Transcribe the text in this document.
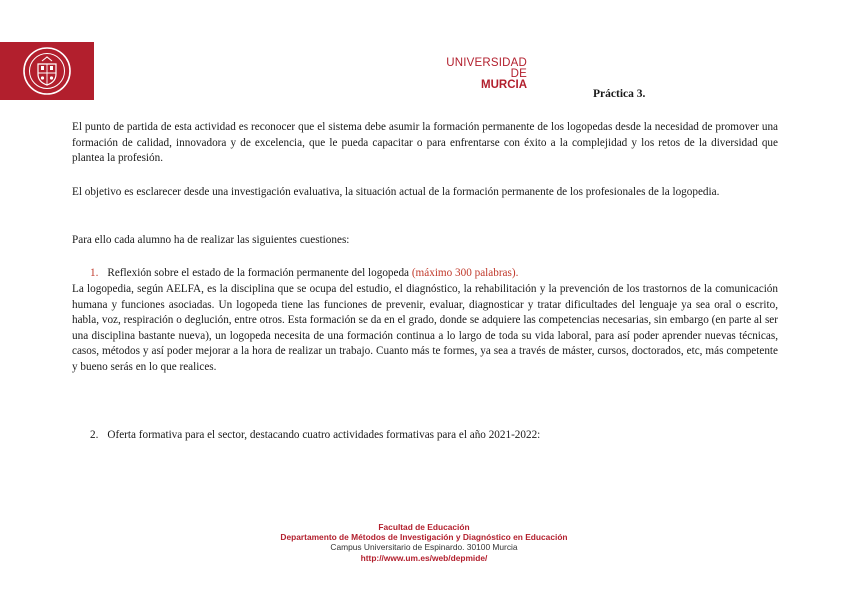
UNIVERSIDAD DE
MURCIA
Práctica 3.
El punto de partida de esta actividad es reconocer que el sistema debe asumir la formación permanente de los logopedas desde la necesidad de promover una formación de calidad, innovadora y de excelencia, que le pueda capacitar o para enfrentarse con éxito a la complejidad y los retos de la diversidad que plantea la profesión.
El objetivo es esclarecer desde una investigación evaluativa, la situación actual de la formación permanente de los profesionales de la logopedia.
Para ello cada alumno ha de realizar las siguientes cuestiones:
1. Reflexión sobre el estado de la formación permanente del logopeda (máximo 300 palabras).
La logopedia, según AELFA, es la disciplina que se ocupa del estudio, el diagnóstico, la rehabilitación y la prevención de los trastornos de la comunicación humana y funciones asociadas. Un logopeda tiene las funciones de prevenir, evaluar, diagnosticar y tratar dificultades del lenguaje ya sea oral o escrito, habla, voz, respiración o deglución, entre otros. Esta formación se da en el grado, donde se adquiere las competencias necesarias, sin embargo (en parte al ser una disciplina bastante nueva), un logopeda necesita de una formación continua a lo largo de toda su vida laboral, para así poder aprender nuevas técnicas, casos, métodos y así poder mejorar a la hora de realizar un trabajo. Cuanto más te formes, ya sea a través de máster, cursos, doctorados, etc, más competente y bueno serás en lo que realices.
2. Oferta formativa para el sector, destacando cuatro actividades formativas para el año 2021-2022:
Facultad de Educación
Departamento de Métodos de Investigación y Diagnóstico en Educación
Campus Universitario de Espinardo. 30100 Murcia
http://www.um.es/web/depmide/
